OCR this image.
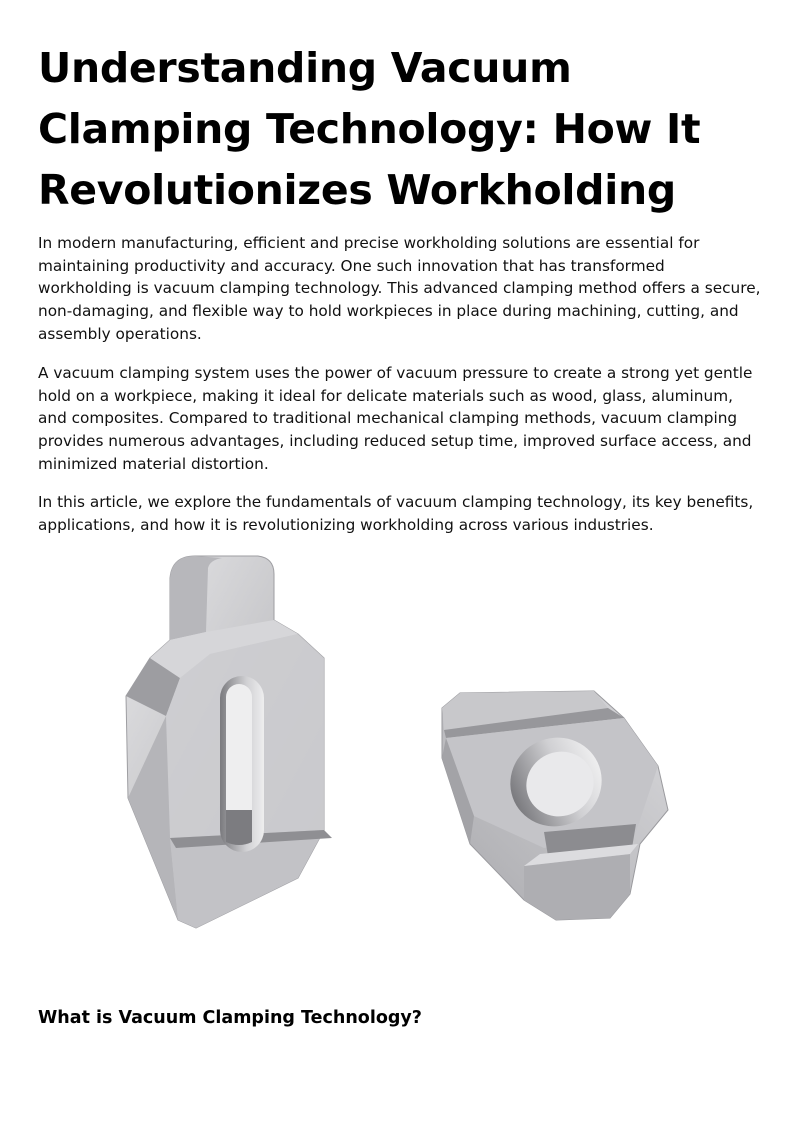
Understanding Vacuum Clamping Technology: How It Revolutionizes Workholding

In modern manufacturing, efficient and precise workholding solutions are essential for maintaining productivity and accuracy. One such innovation that has transformed workholding is vacuum clamping technology. This advanced clamping method offers a secure, non-damaging, and flexible way to hold workpieces in place during machining, cutting, and assembly operations.

A vacuum clamping system uses the power of vacuum pressure to create a strong yet gentle hold on a workpiece, making it ideal for delicate materials such as wood, glass, aluminum, and composites. Compared to traditional mechanical clamping methods, vacuum clamping provides numerous advantages, including reduced setup time, improved surface access, and minimized material distortion.

In this article, we explore the fundamentals of vacuum clamping technology, its key benefits, applications, and how it is revolutionizing workholding across various industries.

What is Vacuum Clamping Technology?
